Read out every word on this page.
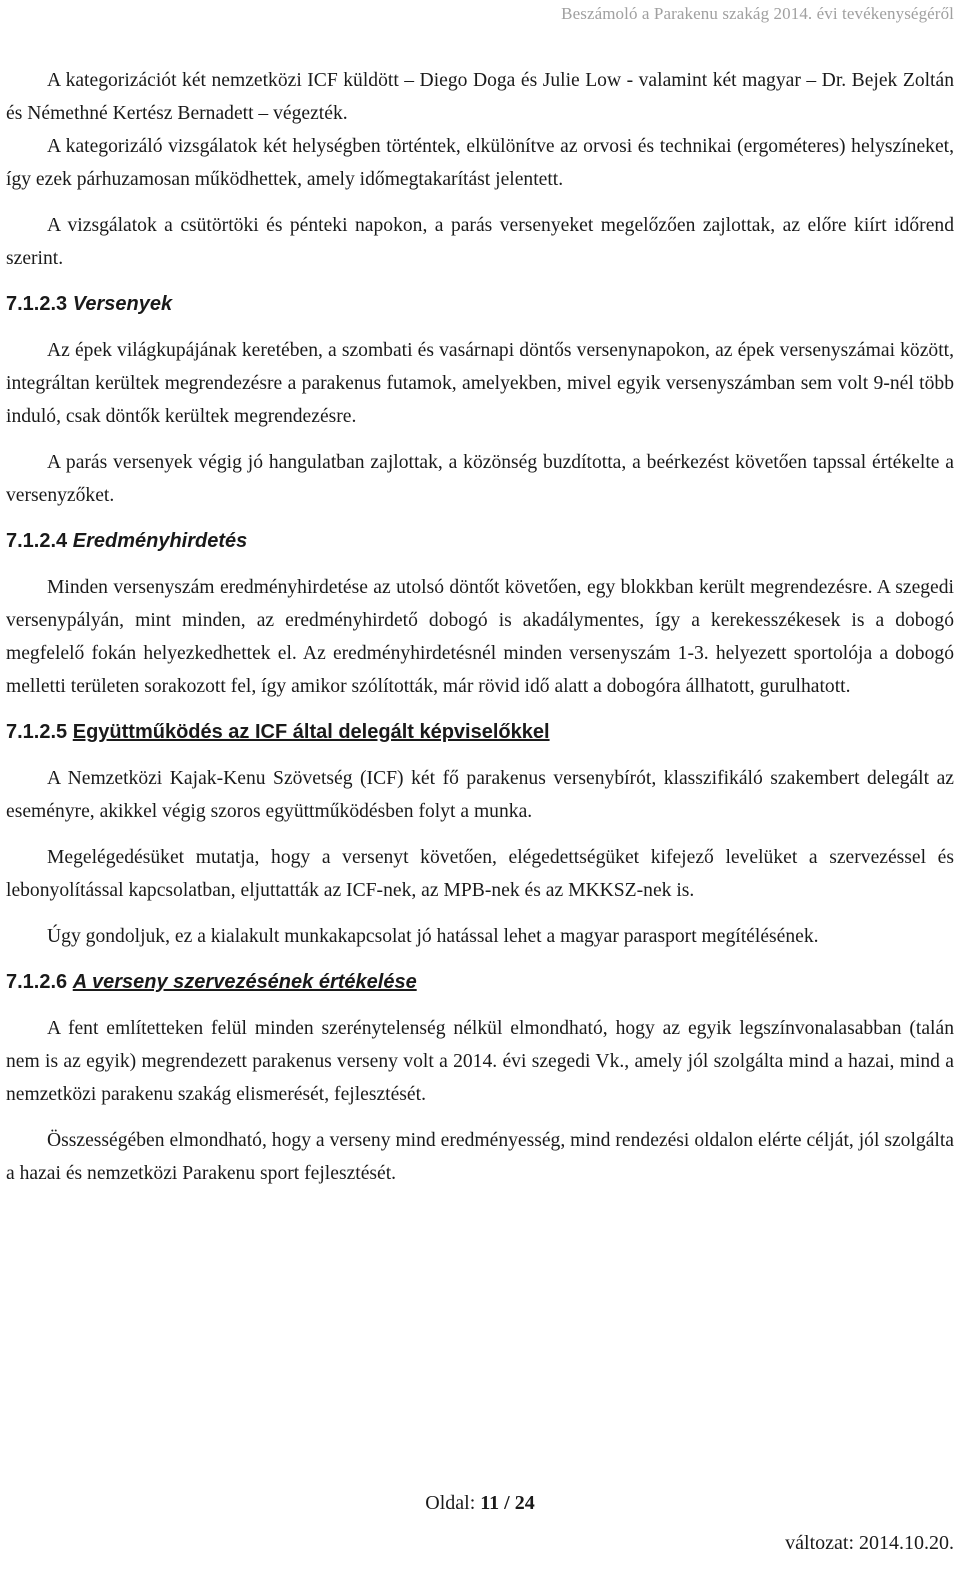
Beszámoló a Parakenu szakág 2014. évi tevékenységéről

A kategorizációt két nemzetközi ICF küldött – Diego Doga és Julie Low - valamint két magyar – Dr. Bejek Zoltán és Némethné Kertész Bernadett – végezték.

A kategorizáló vizsgálatok két helységben történtek, elkülönítve az orvosi és technikai (ergométeres) helyszíneket, így ezek párhuzamosan működhettek, amely időmegtakarítást jelentett.

A vizsgálatok a csütörtöki és pénteki napokon, a parás versenyeket megelőzően zajlottak, az előre kiírt időrend szerint.

7.1.2.3 Versenyek

Az épek világkupájának keretében, a szombati és vasárnapi döntős versenynapokon, az épek versenyszámai között, integráltan kerültek megrendezésre a parakenus futamok, amelyekben, mivel egyik versenyszámban sem volt 9-nél több induló, csak döntők kerültek megrendezésre.

A parás versenyek végig jó hangulatban zajlottak, a közönség buzdította, a beérkezést követően tapssal értékelte a versenyzőket.

7.1.2.4 Eredményhirdetés

Minden versenyszám eredményhirdetése az utolsó döntőt követően, egy blokkban került megrendezésre. A szegedi versenypályán, mint minden, az eredményhirdető dobogó is akadálymentes, így a kerekesszékesek is a dobogó megfelelő fokán helyezkedhettek el. Az eredményhirdetésnél minden versenyszám 1-3. helyezett sportolója a dobogó melletti területen sorakozott fel, így amikor szólították, már rövid idő alatt a dobogóra állhatott, gurulhatott.

7.1.2.5 Együttműködés az ICF által delegált képviselőkkel

A Nemzetközi Kajak-Kenu Szövetség (ICF) két fő parakenus versenybírót, klasszifikáló szakembert delegált az eseményre, akikkel végig szoros együttműködésben folyt a munka.

Megelégedésüket mutatja, hogy a versenyt követően, elégedettségüket kifejező levelüket a szervezéssel és lebonyolítással kapcsolatban, eljuttatták az ICF-nek, az MPB-nek és az MKKSZ-nek is.

Úgy gondoljuk, ez a kialakult munkakapcsolat jó hatással lehet a magyar parasport megítélésének.

7.1.2.6 A verseny szervezésének értékelése

A fent említetteken felül minden szerénytelenség nélkül elmondható, hogy az egyik legszínvonalasabban (talán nem is az egyik) megrendezett parakenus verseny volt a 2014. évi szegedi Vk., amely jól szolgálta mind a hazai, mind a nemzetközi parakenu szakág elismerését, fejlesztését.

Összességében elmondható, hogy a verseny mind eredményesség, mind rendezési oldalon elérte célját, jól szolgálta a hazai és nemzetközi Parakenu sport fejlesztését.

Oldal: 11 / 24
változat: 2014.10.20.
